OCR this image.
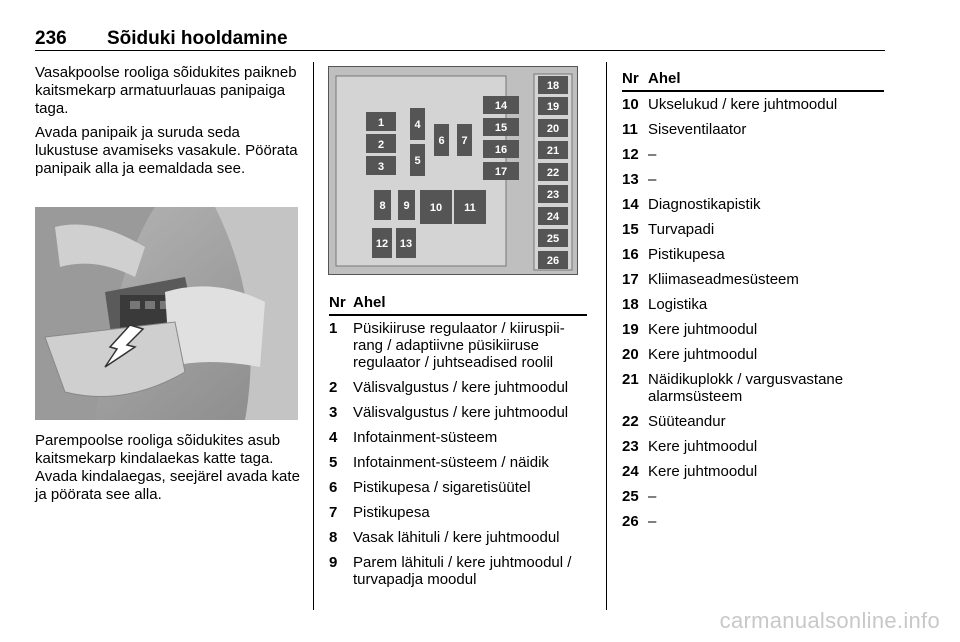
236 Sõiduki hooldamine

Vasakpoolse rooliga sõidukites paikneb kaitsmekarp armatuurlauas panipaiga taga.

Avada panipaik ja suruda seda lukustuse avamiseks vasakule. Pöörata panipaik alla ja eemaldada see.

Parempoolse rooliga sõidukites asub kaitsmekarp kindalaekas katte taga. Avada kindalaegas, seejärel avada kate ja pöörata see alla.

1
2
3
4
5
6 7
8 9 10 11
12 13
14
15
16
17
18
19
20
21
22
23
24
25
26
Nr Ahel
1 Püsikiiruse regulaator / kiiruspiirang / adaptiivne püsikiiruse regulaator / juhtseadised roolil
2 Välisvalgustus / kere juhtmoodul
3 Välisvalgustus / kere juhtmoodul
4 Infotainment-süsteem
5 Infotainment-süsteem / näidik
6 Pistikupesa / sigaretisüütel
7 Pistikupesa
8 Vasak lähituli / kere juhtmoodul
9 Parem lähituli / kere juhtmoodul / turvapadja moodul
Nr Ahel
10 Ukselukud / kere juhtmoodul
11 Siseventilaator
12 –
13 –
14 Diagnostikapistik
15 Turvapadi
16 Pistikupesa
17 Kliimaseadmesüsteem
18 Logistika
19 Kere juhtmoodul
20 Kere juhtmoodul
21 Näidikuplokk / vargusvastane alarmsüsteem
22 Süüteandur
23 Kere juhtmoodul
24 Kere juhtmoodul
25 –
26 –
carmanualsonline.info
